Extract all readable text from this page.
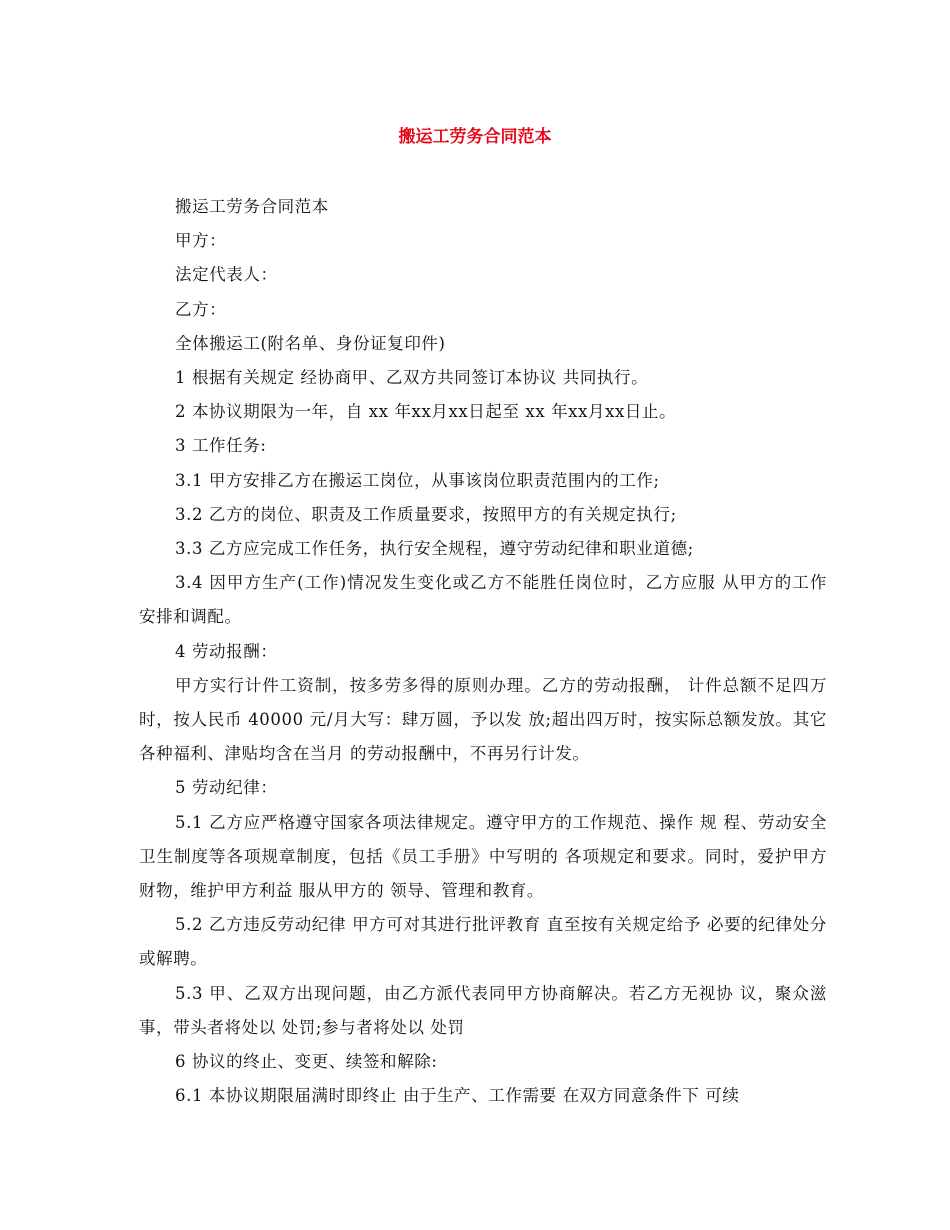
搬运工劳务合同范本

搬运工劳务合同范本

甲方：

法定代表人：

乙方：

全体搬运工(附名单、身份证复印件)

1 根据有关规定 经协商甲、乙双方共同签订本协议 共同执行。

2 本协议期限为一年，自 xx 年xx月xx日起至 xx 年xx月xx日止。

3 工作任务:

3.1 甲方安排乙方在搬运工岗位，从事该岗位职责范围内的工作;

3.2 乙方的岗位、职责及工作质量要求，按照甲方的有关规定执行;

3.3 乙方应完成工作任务，执行安全规程，遵守劳动纪律和职业道德;

3.4 因甲方生产(工作)情况发生变化或乙方不能胜任岗位时，乙方应服 从甲方的工作安排和调配。

4 劳动报酬：

甲方实行计件工资制，按多劳多得的原则办理。乙方的劳动报酬， 计件总额不足四万时，按人民币 40000 元/月大写：肆万圆，予以发 放;超出四万时，按实际总额发放。其它各种福利、津贴均含在当月 的劳动报酬中，不再另行计发。

5 劳动纪律：

5.1 乙方应严格遵守国家各项法律规定。遵守甲方的工作规范、操作 规 程、劳动安全卫生制度等各项规章制度，包括《员工手册》中写明的 各项规定和要求。同时，爱护甲方财物，维护甲方利益 服从甲方的 领导、管理和教育。

5.2 乙方违反劳动纪律 甲方可对其进行批评教育 直至按有关规定给予 必要的纪律处分或解聘。

5.3 甲、乙双方出现问题，由乙方派代表同甲方协商解决。若乙方无视协 议，聚众滋事，带头者将处以 处罚;参与者将处以 处罚

6 协议的终止、变更、续签和解除:

6.1 本协议期限届满时即终止 由于生产、工作需要 在双方同意条件下 可续
